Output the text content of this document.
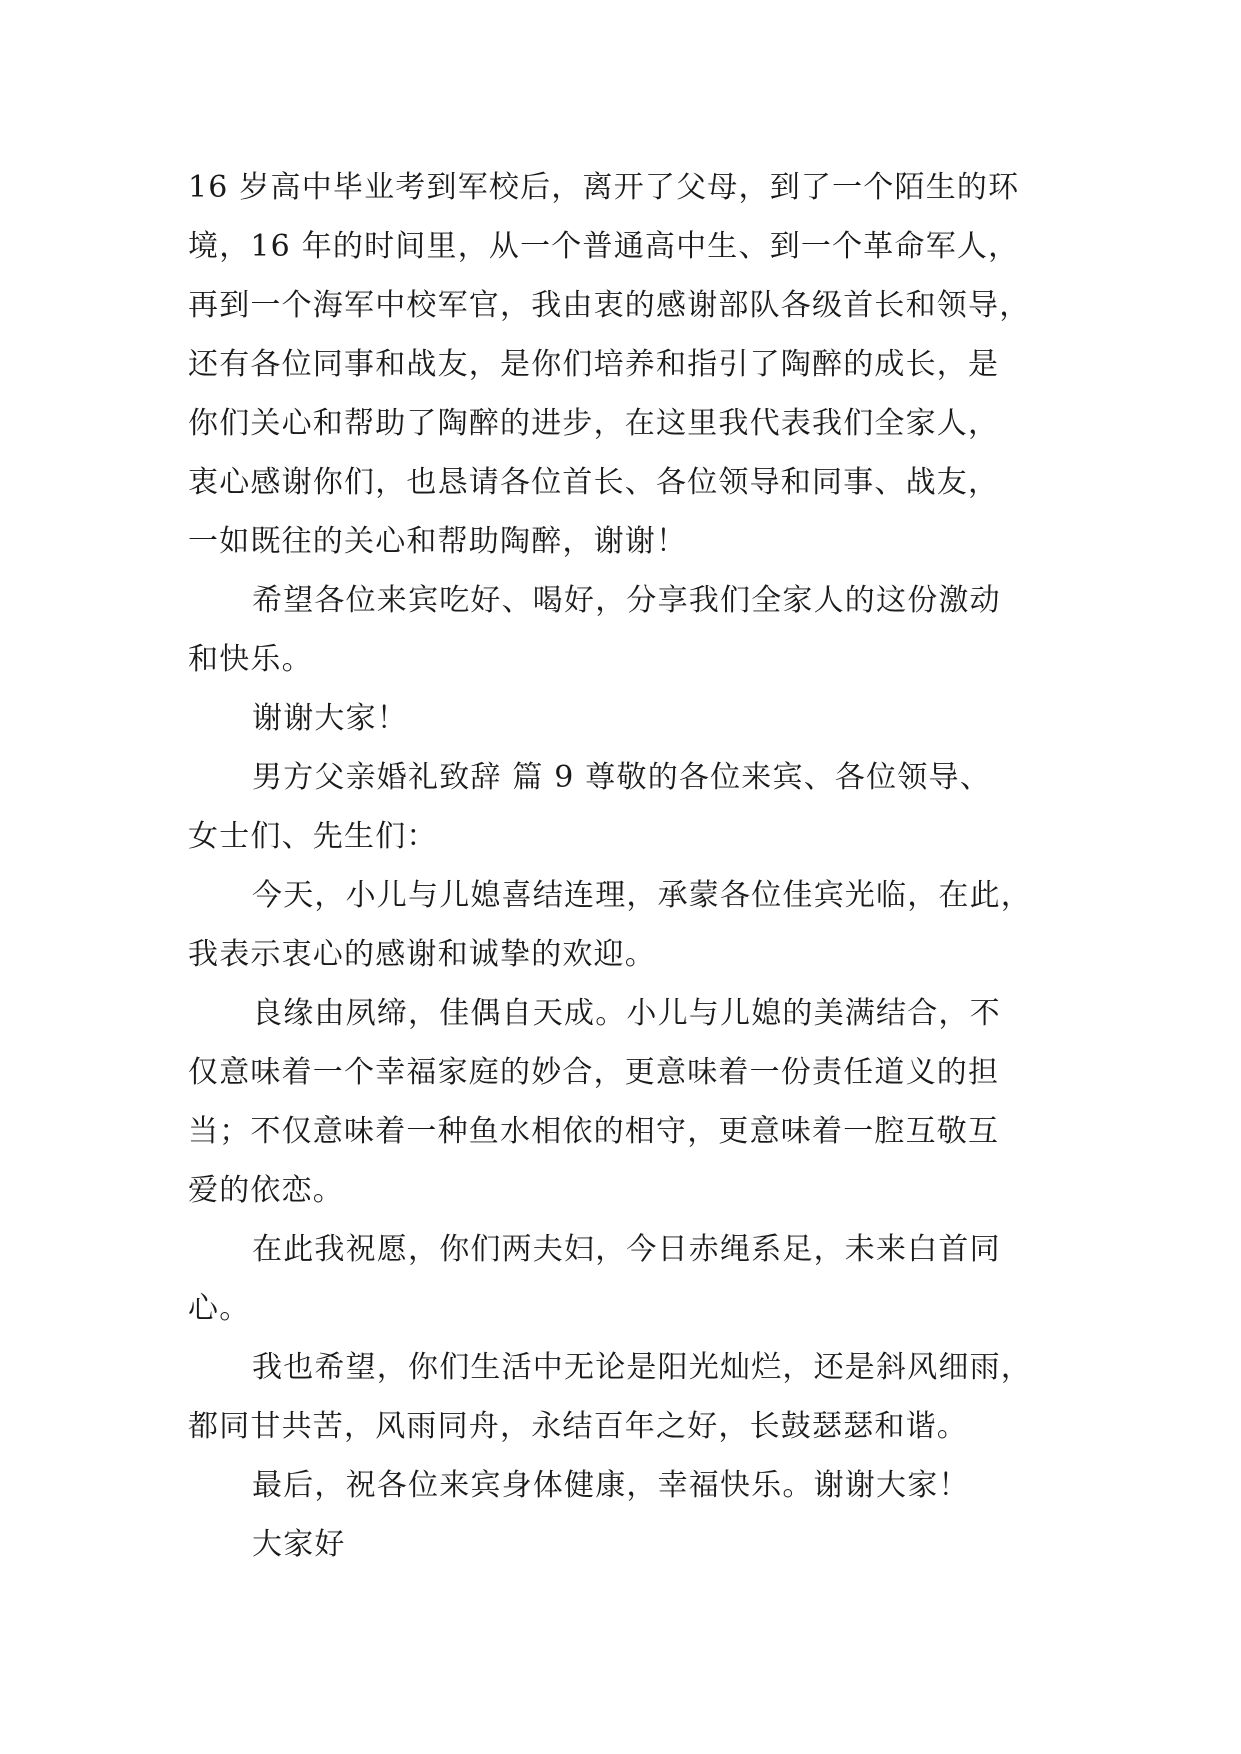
16 岁高中毕业考到军校后，离开了父母，到了一个陌生的环
境，16 年的时间里，从一个普通高中生、到一个革命军人，
再到一个海军中校军官，我由衷的感谢部队各级首长和领导，
还有各位同事和战友，是你们培养和指引了陶醉的成长，是
你们关心和帮助了陶醉的进步，在这里我代表我们全家人，
衷心感谢你们，也恳请各位首长、各位领导和同事、战友，
一如既往的关心和帮助陶醉，谢谢！

希望各位来宾吃好、喝好，分享我们全家人的这份激动
和快乐。

谢谢大家！

男方父亲婚礼致辞 篇 9 尊敬的各位来宾、各位领导、
女士们、先生们：

今天，小儿与儿媳喜结连理，承蒙各位佳宾光临，在此，
我表示衷心的感谢和诚挚的欢迎。

良缘由夙缔，佳偶自天成。小儿与儿媳的美满结合，不
仅意味着一个幸福家庭的妙合，更意味着一份责任道义的担
当；不仅意味着一种鱼水相依的相守，更意味着一腔互敬互
爱的依恋。

在此我祝愿，你们两夫妇，今日赤绳系足，未来白首同
心。

我也希望，你们生活中无论是阳光灿烂，还是斜风细雨，
都同甘共苦，风雨同舟，永结百年之好，长鼓瑟瑟和谐。

最后，祝各位来宾身体健康，幸福快乐。谢谢大家！

大家好
